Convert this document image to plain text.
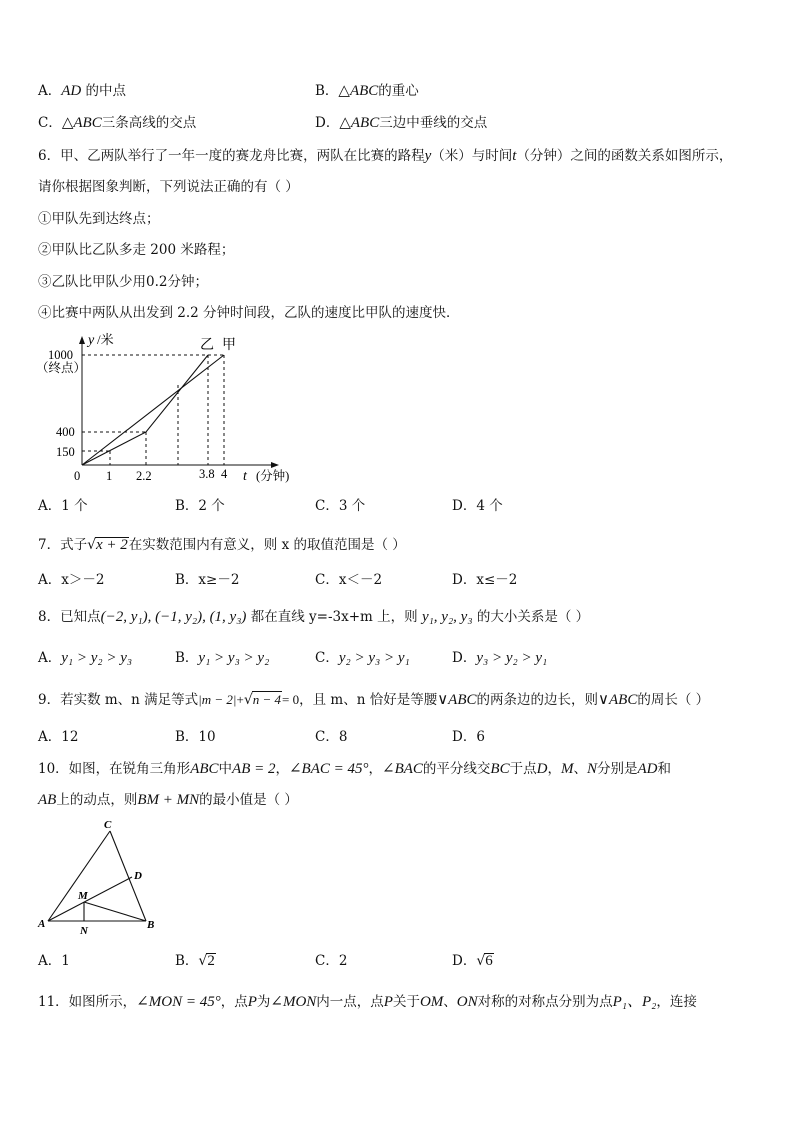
A．AD 的中点	B．△ABC的重心
C．△ABC三条高线的交点	D．△ABC三边中垂线的交点
6．甲、乙两队举行了一年一度的赛龙舟比赛，两队在比赛的路程y（米）与时间t（分钟）之间的函数关系如图所示，
请你根据图象判断，下列说法正确的有（ ）
①甲队先到达终点；
②甲队比乙队多走 200 米路程；
③乙队比甲队少用0.2分钟；
④比赛中两队从出发到 2.2 分钟时间段，乙队的速度比甲队的速度快．
y /米
1000
（终点）
400
150
0 1 2.2	3.8 4 t (分钟)
乙 甲
A．1 个	B．2 个	C．3 个	D．4 个
7．式子√x + 2在实数范围内有意义，则 x 的取值范围是（ ）
A．x＞－2	B．x≥－2	C．x＜－2	D．x≤－2
8．已知点(−2, y₁), (−1, y₂), (1, y₃) 都在直线 y=-3x+m 上，则 y₁, y₂, y₃ 的大小关系是（ ）
A．y₁ > y₂ > y₃	B．y₁ > y₃ > y₂	C．y₂ > y₃ > y₁	D．y₃ > y₂ > y₁
9．若实数 m、n 满足等式|m − 2|+√n − 4= 0，且 m、n 恰好是等腰∨ABC的两条边的边长，则∨ABC的周长（ ）
A．12	B．10	C．8	D．6
10．如图，在锐角三角形ABC中AB = 2，∠BAC = 45°，∠BAC的平分线交BC于点D，M、N分别是AD和
AB上的动点，则BM + MN的最小值是（ ）
C
D
M
A
N	B
A．1	B．√2	C．2	D．√6
11．如图所示，∠MON = 45°，点P为∠MON内一点，点P关于OM、ON对称的对称点分别为点P₁、P₂，连接
